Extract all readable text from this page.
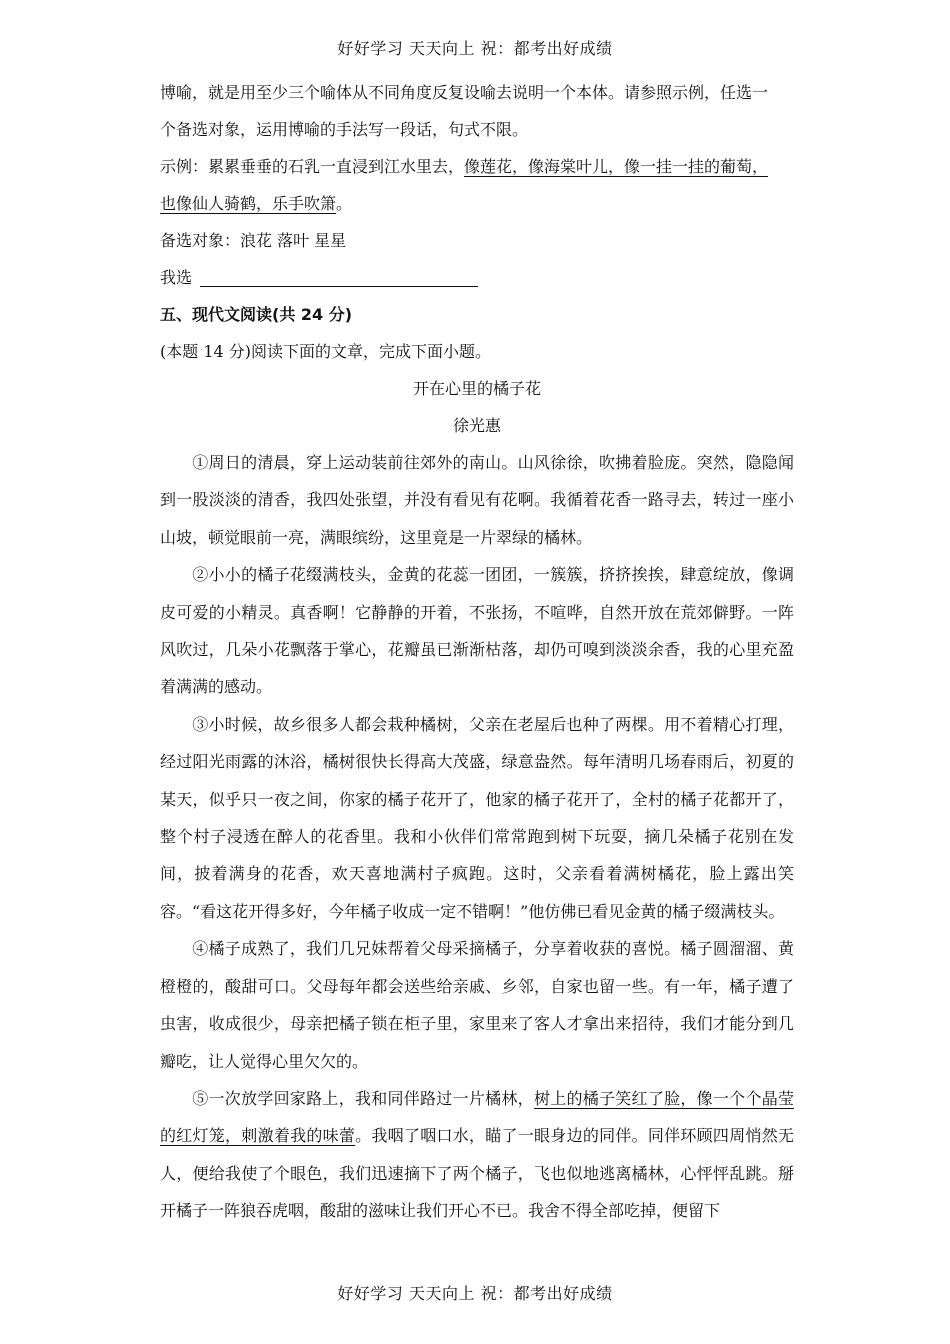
好好学习 天天向上 祝：都考出好成绩
博喻，就是用至少三个喻体从不同角度反复设喻去说明一个本体。请参照示例，任选一
个备选对象，运用博喻的手法写一段话，句式不限。
示例：累累垂垂的石乳一直浸到江水里去，像莲花，像海棠叶儿，像一挂一挂的葡萄，
也像仙人骑鹤，乐手吹箫。
备选对象：浪花 落叶 星星
我选
五、现代文阅读(共 24 分)
(本题 14 分)阅读下面的文章，完成下面小题。
开在心里的橘子花
徐光惠

①周日的清晨，穿上运动装前往郊外的南山。山风徐徐，吹拂着脸庞。突然，隐隐闻到一股淡淡的清香，我四处张望，并没有看见有花啊。我循着花香一路寻去，转过一座小山坡，顿觉眼前一亮，满眼缤纷，这里竟是一片翠绿的橘林。

②小小的橘子花缀满枝头，金黄的花蕊一团团，一簇簇，挤挤挨挨，肆意绽放，像调皮可爱的小精灵。真香啊！它静静的开着，不张扬，不喧哗，自然开放在荒郊僻野。一阵风吹过，几朵小花飘落于掌心，花瓣虽已渐渐枯落，却仍可嗅到淡淡余香，我的心里充盈着满满的感动。

③小时候，故乡很多人都会栽种橘树，父亲在老屋后也种了两棵。用不着精心打理，经过阳光雨露的沐浴，橘树很快长得高大茂盛，绿意盎然。每年清明几场春雨后，初夏的某天，似乎只一夜之间，你家的橘子花开了，他家的橘子花开了，全村的橘子花都开了，整个村子浸透在醉人的花香里。我和小伙伴们常常跑到树下玩耍，摘几朵橘子花别在发间，披着满身的花香，欢天喜地满村子疯跑。这时，父亲看着满树橘花，脸上露出笑容。“看这花开得多好，今年橘子收成一定不错啊！”他仿佛已看见金黄的橘子缀满枝头。

④橘子成熟了，我们几兄妹帮着父母采摘橘子，分享着收获的喜悦。橘子圆溜溜、黄橙橙的，酸甜可口。父母每年都会送些给亲戚、乡邻，自家也留一些。有一年，橘子遭了虫害，收成很少，母亲把橘子锁在柜子里，家里来了客人才拿出来招待，我们才能分到几瓣吃，让人觉得心里欠欠的。

⑤一次放学回家路上，我和同伴路过一片橘林，树上的橘子笑红了脸，像一个个晶莹的红灯笼，刺激着我的味蕾。我咽了咽口水，瞄了一眼身边的同伴。同伴环顾四周悄然无人，便给我使了个眼色，我们迅速摘下了两个橘子，飞也似地逃离橘林，心怦怦乱跳。掰开橘子一阵狼吞虎咽，酸甜的滋味让我们开心不已。我舍不得全部吃掉，便留下

好好学习 天天向上 祝：都考出好成绩
